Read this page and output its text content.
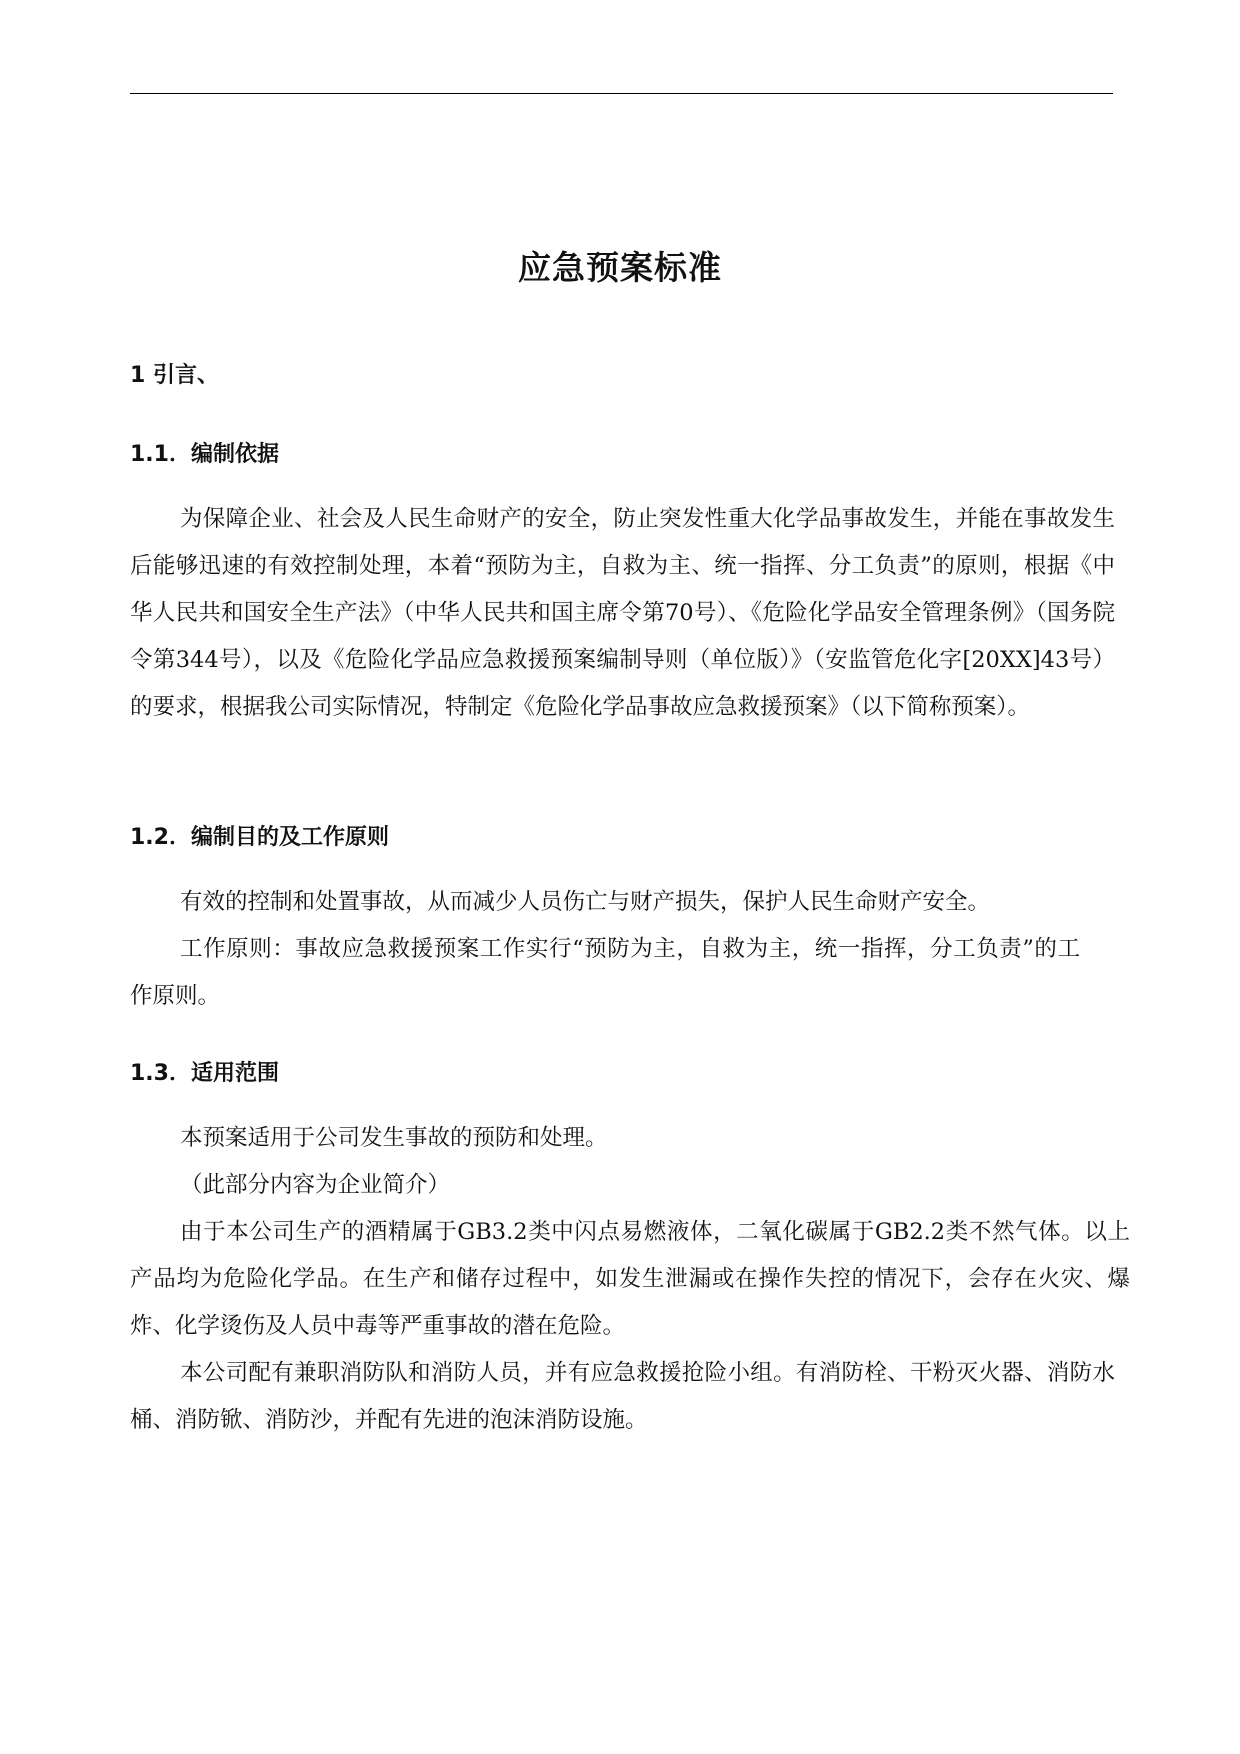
应急预案标准
1 引言、
1.1．编制依据

为保障企业、社会及人民生命财产的安全，防止突发性重大化学品事故发生，并能在事故发生后能够迅速的有效控制处理，本着“预防为主，自救为主、统一指挥、分工负责”的原则，根据《中华人民共和国安全生产法》（中华人民共和国主席令第70号）、《危险化学品安全管理条例》（国务院令第344号），以及《危险化学品应急救援预案编制导则（单位版）》（安监管危化字[20XX]43号）的要求，根据我公司实际情况，特制定《危险化学品事故应急救援预案》（以下简称预案）。

1.2．编制目的及工作原则

有效的控制和处置事故，从而减少人员伤亡与财产损失，保护人民生命财产安全。

工作原则：事故应急救援预案工作实行“预防为主，自救为主，统一指挥，分工负责”的工作原则。

1.3．适用范围

本预案适用于公司发生事故的预防和处理。

（此部分内容为企业简介）

由于本公司生产的酒精属于GB3.2类中闪点易燃液体，二氧化碳属于GB2.2类不然气体。以上产品均为危险化学品。在生产和储存过程中，如发生泄漏或在操作失控的情况下，会存在火灾、爆炸、化学烫伤及人员中毒等严重事故的潜在危险。

本公司配有兼职消防队和消防人员，并有应急救援抢险小组。有消防栓、干粉灭火器、消防水桶、消防锨、消防沙，并配有先进的泡沫消防设施。
